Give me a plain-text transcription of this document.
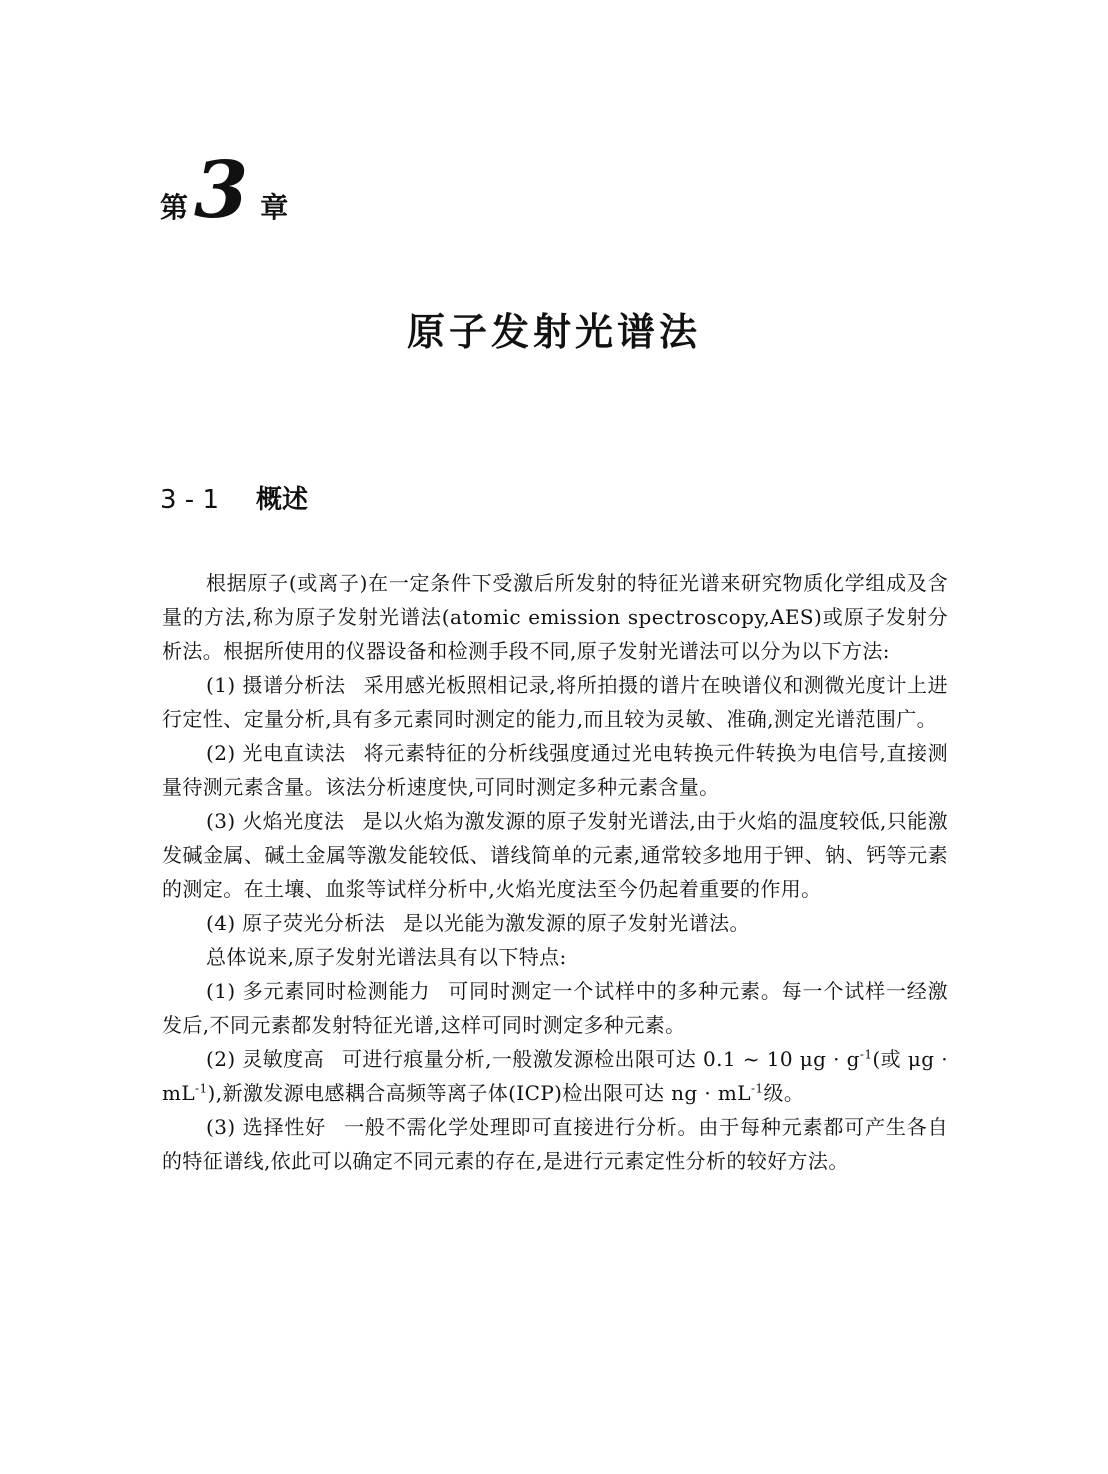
第 3 章
原子发射光谱法
3 - 1	概述

根据原子(或离子)在一定条件下受激后所发射的特征光谱来研究物质化学组成及含量的方法,称为原子发射光谱法(atomic emission spectroscopy,AES)或原子发射分析法。根据所使用的仪器设备和检测手段不同,原子发射光谱法可以分为以下方法:

(1) 摄谱分析法 采用感光板照相记录,将所拍摄的谱片在映谱仪和测微光度计上进行定性、定量分析,具有多元素同时测定的能力,而且较为灵敏、准确,测定光谱范围广。

(2) 光电直读法 将元素特征的分析线强度通过光电转换元件转换为电信号,直接测量待测元素含量。该法分析速度快,可同时测定多种元素含量。

(3) 火焰光度法 是以火焰为激发源的原子发射光谱法,由于火焰的温度较低,只能激发碱金属、碱土金属等激发能较低、谱线简单的元素,通常较多地用于钾、钠、钙等元素的测定。在土壤、血浆等试样分析中,火焰光度法至今仍起着重要的作用。

(4) 原子荧光分析法 是以光能为激发源的原子发射光谱法。

总体说来,原子发射光谱法具有以下特点:

(1) 多元素同时检测能力 可同时测定一个试样中的多种元素。每一个试样一经激发后,不同元素都发射特征光谱,这样可同时测定多种元素。

(2) 灵敏度高 可进行痕量分析,一般激发源检出限可达 0.1 ~ 10 $\mu g \cdot g^{-1}$(或 $\mu g \cdot mL^{-1}$),新激发源电感耦合高频等离子体(ICP)检出限可达 ng · $mL^{-1}$级。

(3) 选择性好 一般不需化学处理即可直接进行分析。由于每种元素都可产生各自的特征谱线,依此可以确定不同元素的存在,是进行元素定性分析的较好方法。
